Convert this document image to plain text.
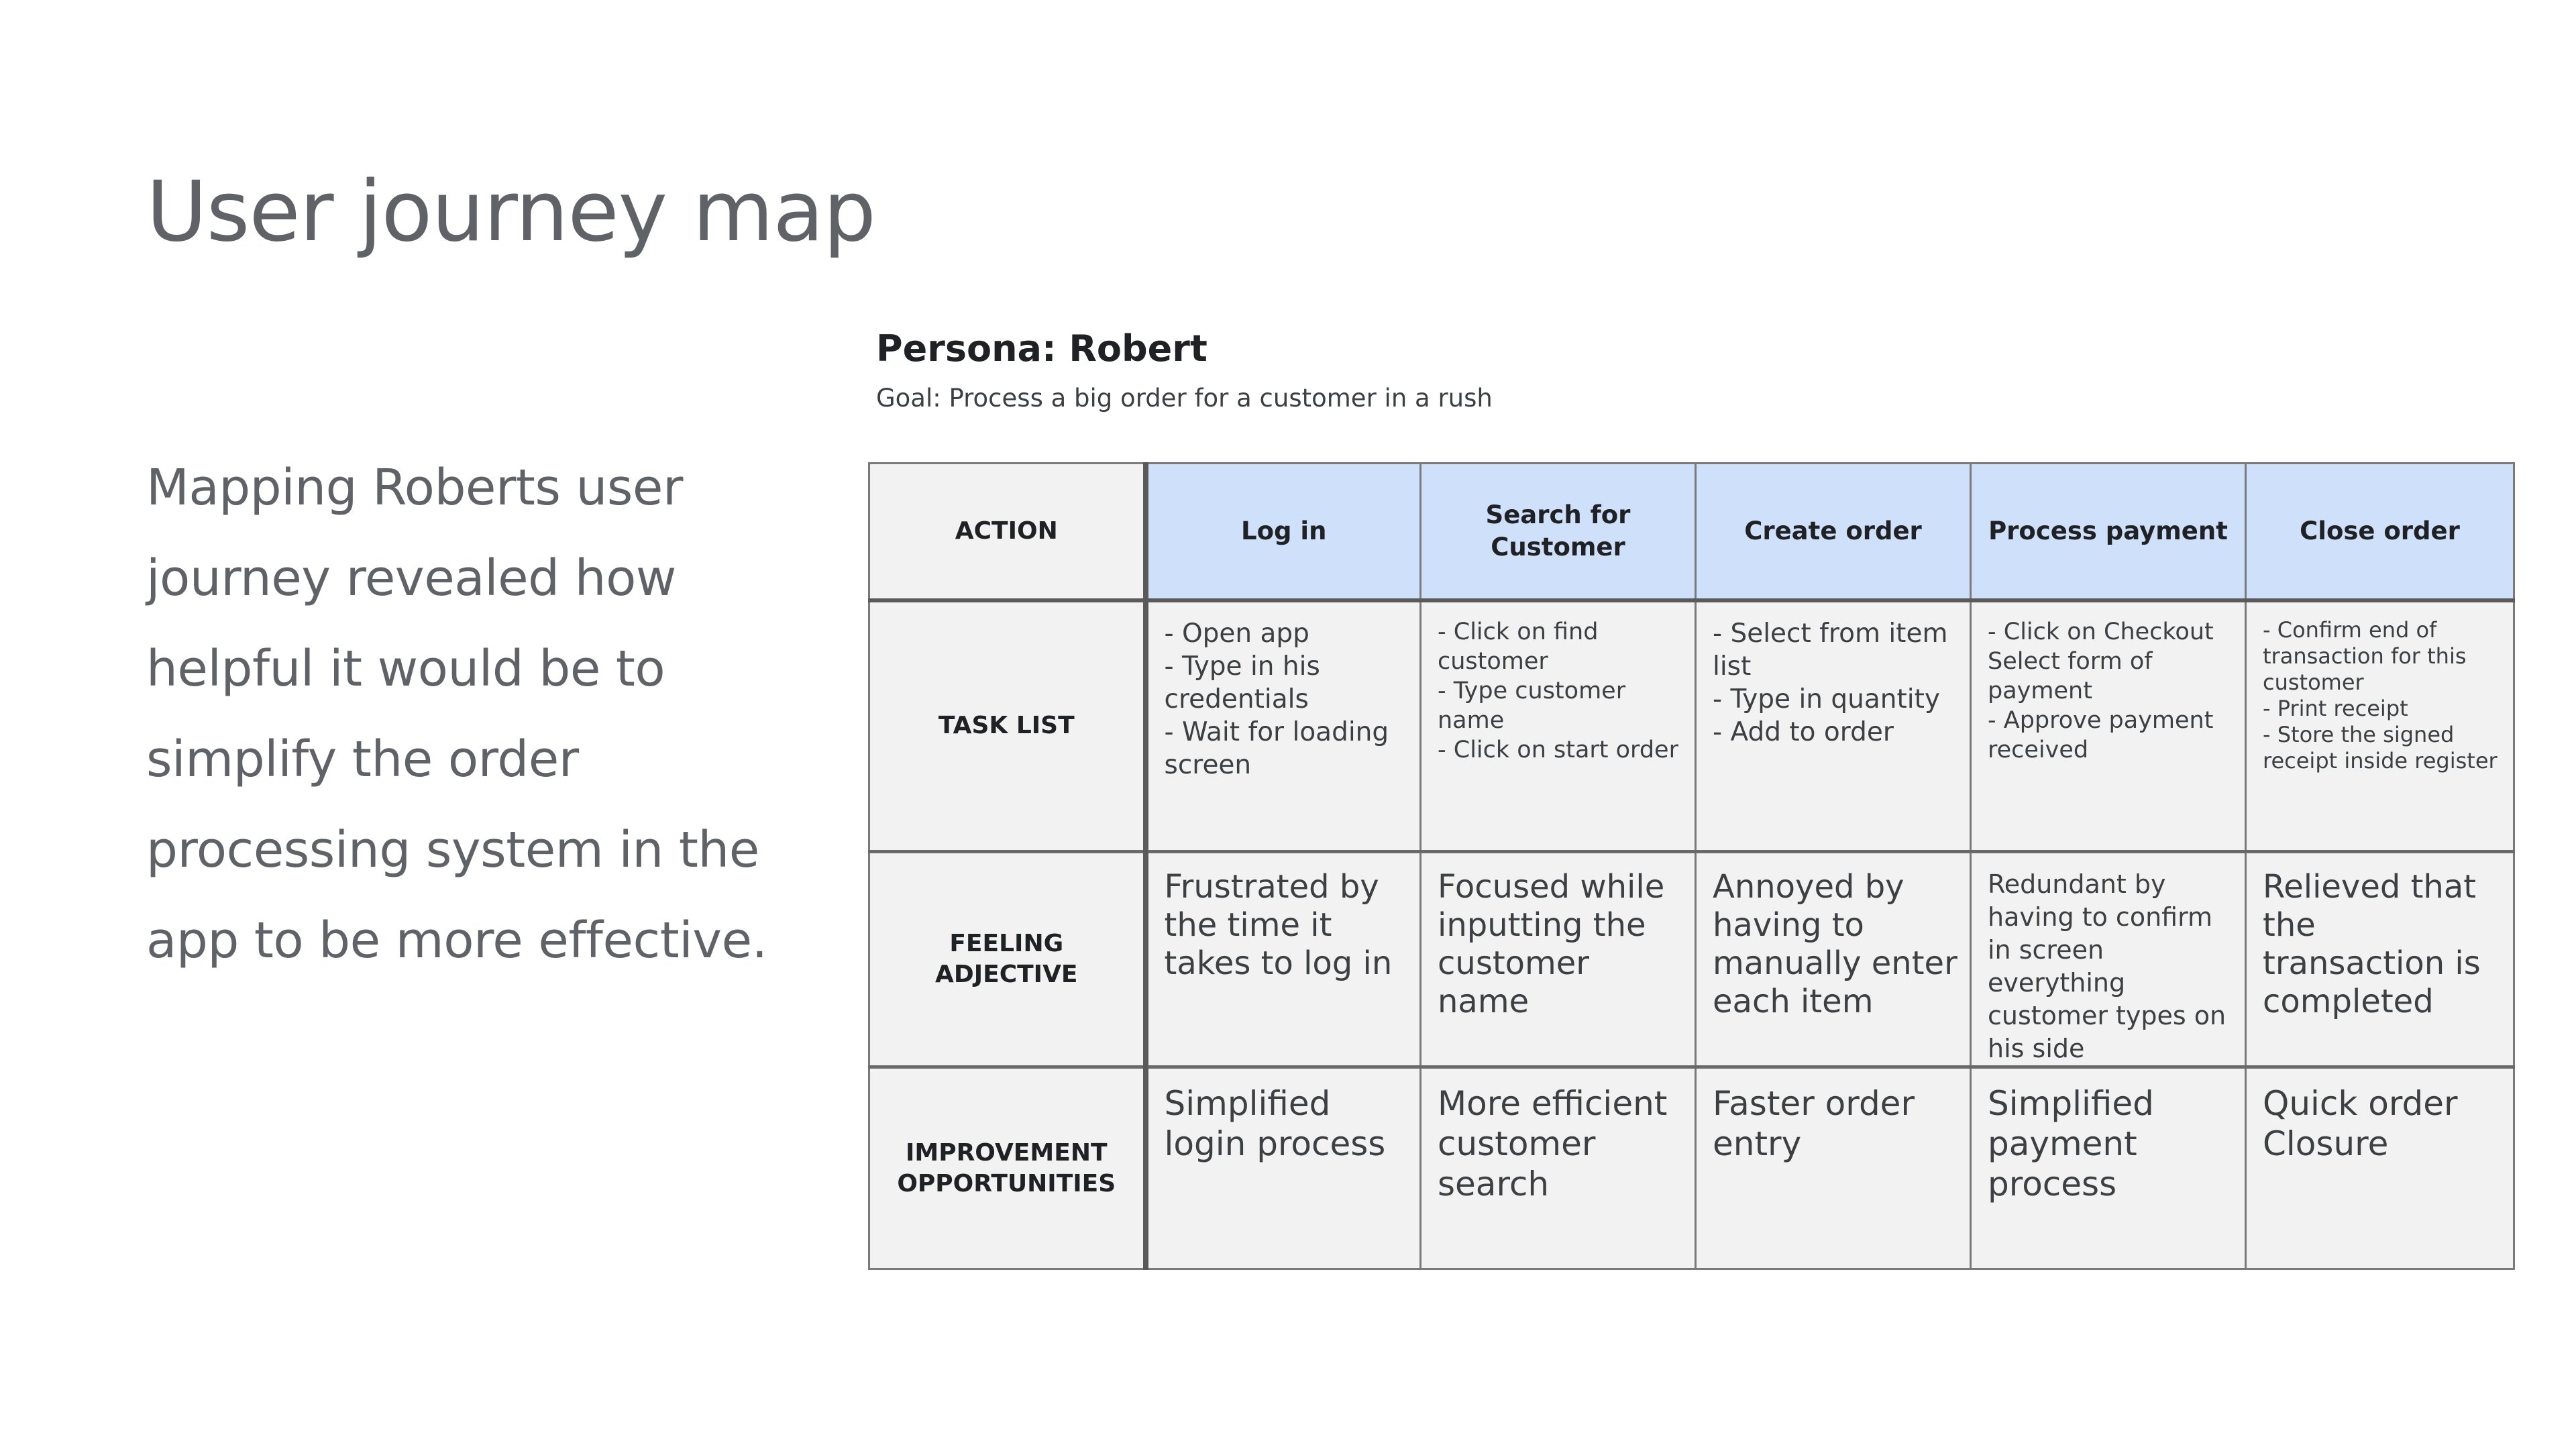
User journey map

Mapping Roberts user journey revealed how helpful it would be to simplify the order processing system in the app to be more effective.

Persona: Robert
Goal: Process a big order for a customer in a rush
ACTION	Log in	Search for Customer	Create order	Process payment	Close order
TASK LIST	- Open app
- Type in his credentials
- Wait for loading screen	- Click on find customer
- Type customer name
- Click on start order	- Select from item list
- Type in quantity
- Add to order	- Click on Checkout Select form of payment
- Approve payment received	- Confirm end of transaction for this customer
- Print receipt
- Store the signed receipt inside register

FEELING ADJECTIVE	Frustrated by the time it takes to log in	Focused while inputting the customer name	Annoyed by having to manually enter each item	Redundant by having to confirm in screen everything customer types on his side	Relieved that the transaction is completed
IMPROVEMENT OPPORTUNITIES	Simplified login process	More efficient customer search	Faster order entry	Simplified payment process	Quick order Closure
